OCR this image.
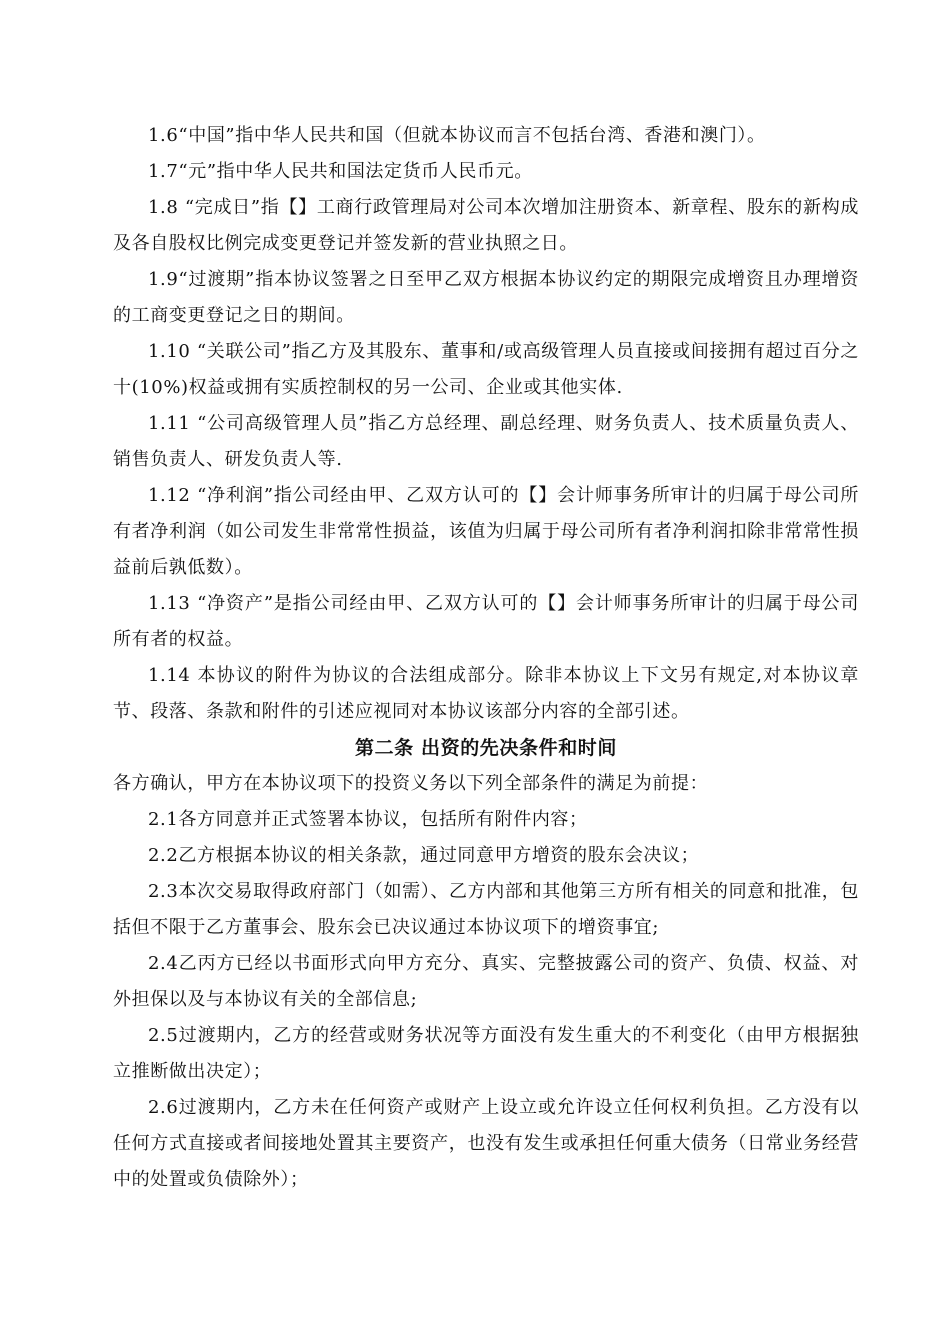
1.6“中国”指中华人民共和国（但就本协议而言不包括台湾、香港和澳门）。

1.7“元”指中华人民共和国法定货币人民币元。

1.8 “完成日”指【】工商行政管理局对公司本次增加注册资本、新章程、股东的新构成及各自股权比例完成变更登记并签发新的营业执照之日。

1.9“过渡期”指本协议签署之日至甲乙双方根据本协议约定的期限完成增资且办理增资的工商变更登记之日的期间。

1.10 “关联公司”指乙方及其股东、董事和/或高级管理人员直接或间接拥有超过百分之十(10%)权益或拥有实质控制权的另一公司、企业或其他实体.

1.11 “公司高级管理人员”指乙方总经理、副总经理、财务负责人、技术质量负责人、销售负责人、研发负责人等.

1.12 “净利润”指公司经由甲、乙双方认可的【】会计师事务所审计的归属于母公司所有者净利润（如公司发生非常常性损益，该值为归属于母公司所有者净利润扣除非常常性损益前后孰低数）。

1.13 “净资产”是指公司经由甲、乙双方认可的【】会计师事务所审计的归属于母公司所有者的权益。

1.14 本协议的附件为协议的合法组成部分。除非本协议上下文另有规定,对本协议章节、段落、条款和附件的引述应视同对本协议该部分内容的全部引述。

第二条 出资的先决条件和时间

各方确认，甲方在本协议项下的投资义务以下列全部条件的满足为前提：

2.1各方同意并正式签署本协议，包括所有附件内容；

2.2乙方根据本协议的相关条款，通过同意甲方增资的股东会决议；

2.3本次交易取得政府部门（如需）、乙方内部和其他第三方所有相关的同意和批准，包括但不限于乙方董事会、股东会已决议通过本协议项下的增资事宜;

2.4乙丙方已经以书面形式向甲方充分、真实、完整披露公司的资产、负债、权益、对外担保以及与本协议有关的全部信息;

2.5过渡期内，乙方的经营或财务状况等方面没有发生重大的不利变化（由甲方根据独立推断做出决定）；

2.6过渡期内，乙方未在任何资产或财产上设立或允许设立任何权利负担。乙方没有以任何方式直接或者间接地处置其主要资产，也没有发生或承担任何重大债务（日常业务经营中的处置或负债除外）；
